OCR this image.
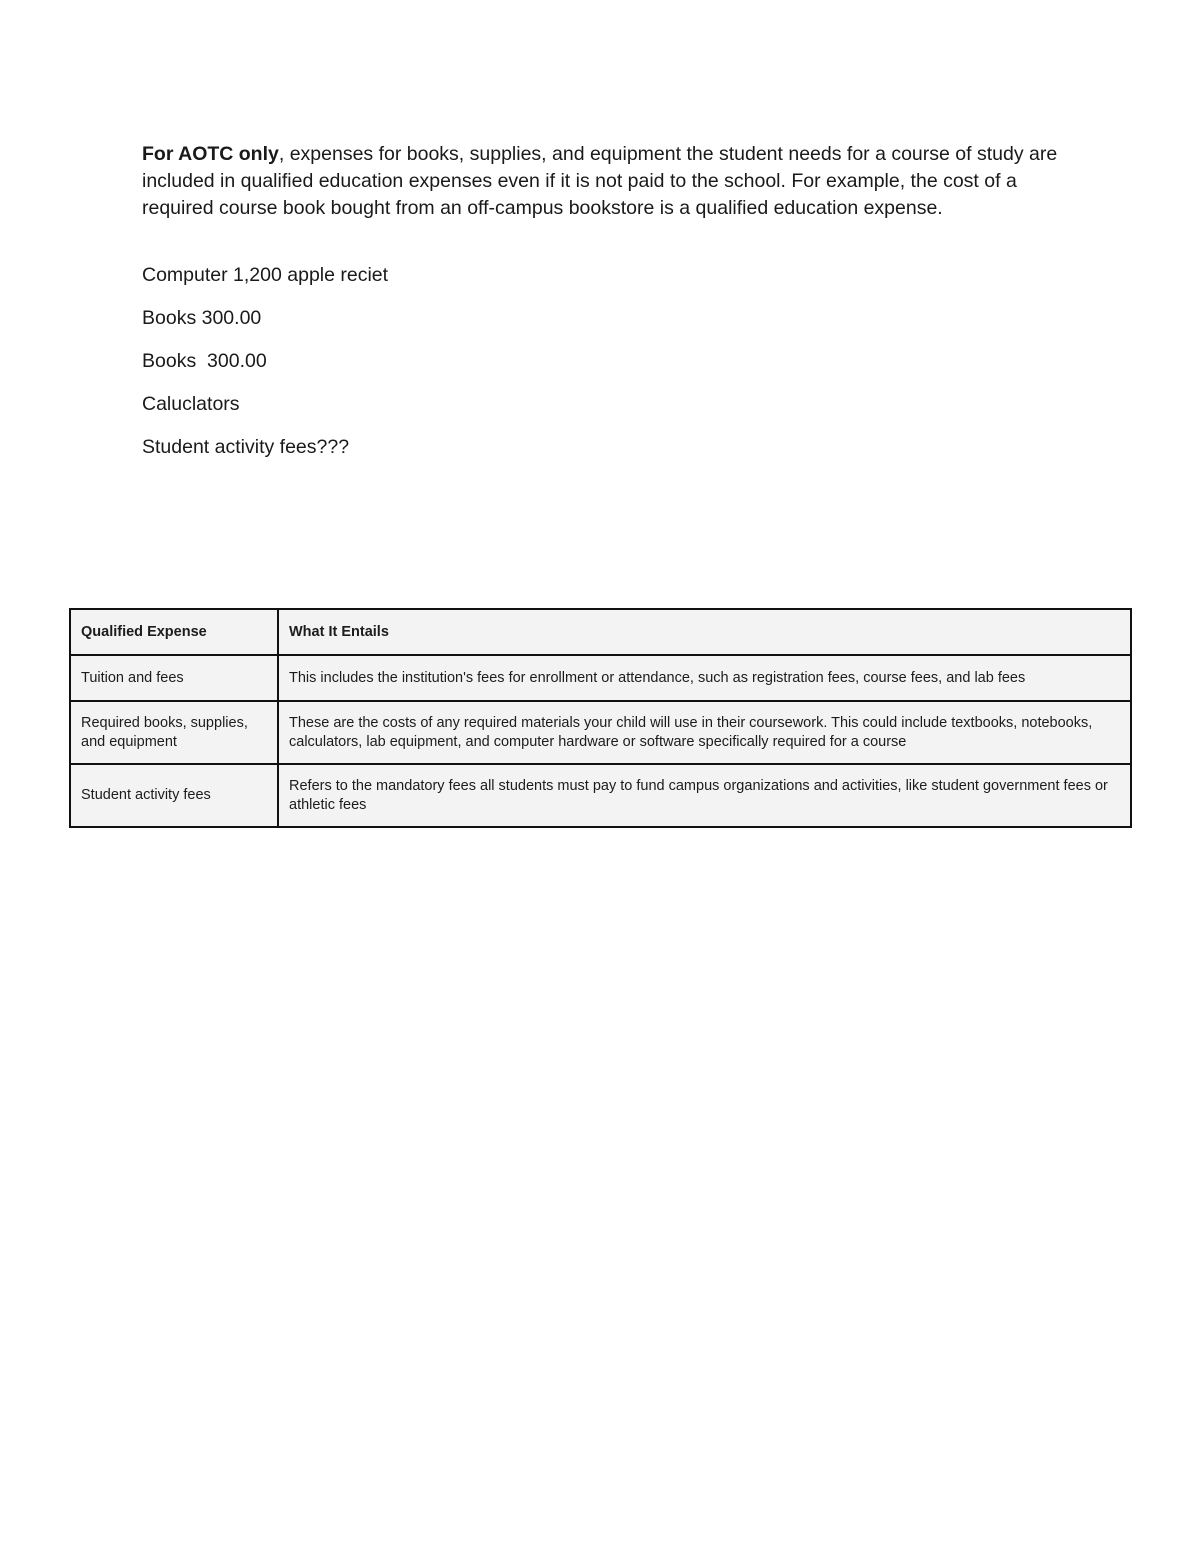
For AOTC only, expenses for books, supplies, and equipment the student needs for a course of study are included in qualified education expenses even if it is not paid to the school. For example, the cost of a required course book bought from an off-campus bookstore is a qualified education expense.

Computer 1,200 apple reciet

Books 300.00

Books  300.00

Caluclators

Student activity fees???

Qualified Expense	What It Entails
Tuition and fees	This includes the institution's fees for enrollment or attendance, such as registration fees, course fees, and lab fees
Required books, supplies, and equipment	These are the costs of any required materials your child will use in their coursework. This could include textbooks, notebooks, calculators, lab equipment, and computer hardware or software specifically required for a course
Student activity fees	Refers to the mandatory fees all students must pay to fund campus organizations and activities, like student government fees or athletic fees
